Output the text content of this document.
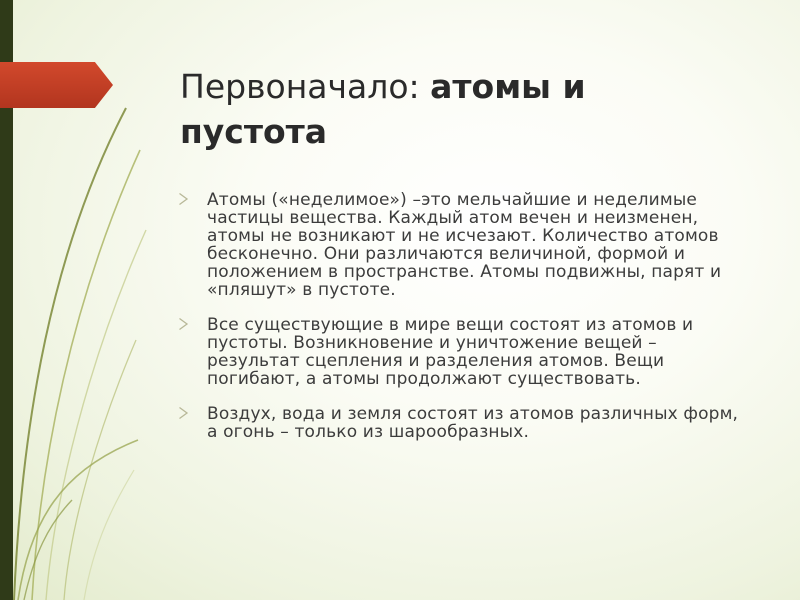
Первоначало: атомы и пустота
Атомы («неделимое») –это мельчайшие и неделимые частицы вещества. Каждый атом вечен и неизменен, атомы не возникают и не исчезают. Количество атомов бесконечно. Они различаются величиной, формой и положением в пространстве. Атомы подвижны, парят и «пляшут» в пустоте.
Все существующие в мире вещи состоят из атомов и пустоты. Возникновение и уничтожение вещей –результат сцепления и разделения атомов. Вещи погибают, а атомы продолжают существовать.
Воздух, вода и земля состоят из атомов различных форм, а огонь – только из шарообразных.
